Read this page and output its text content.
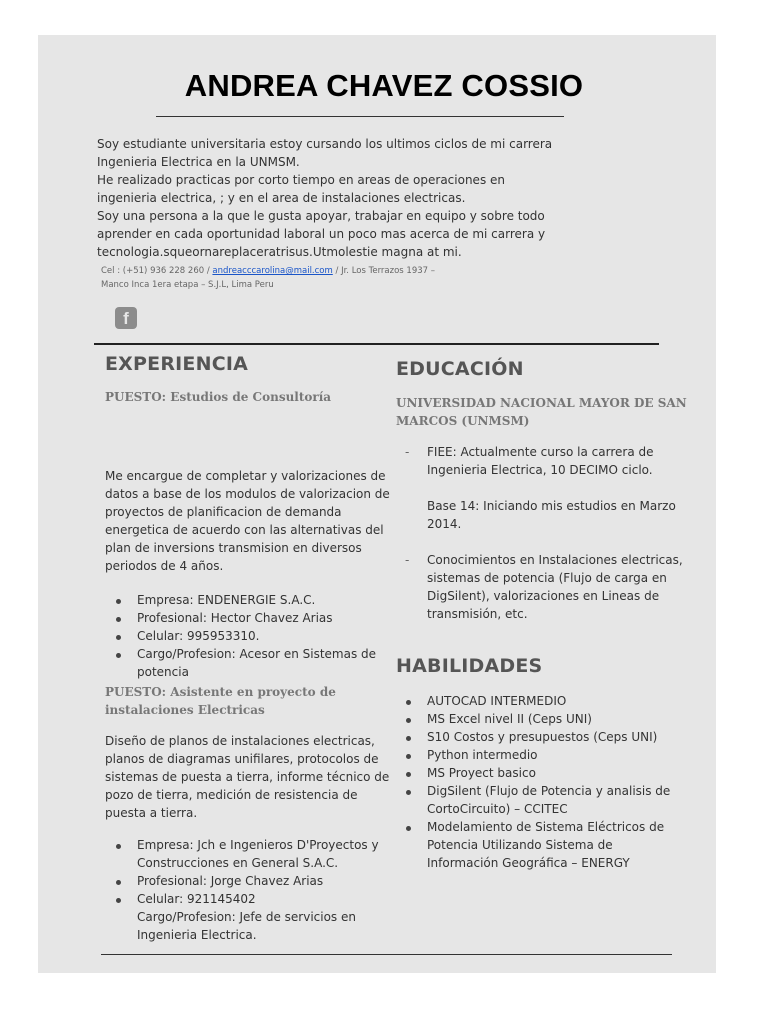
ANDREA CHAVEZ COSSIO
Soy estudiante universitaria estoy cursando los ultimos ciclos de mi carrera
Ingenieria Electrica en la UNMSM.
He realizado practicas por corto tiempo en areas de operaciones en
ingenieria electrica, ; y en el area de instalaciones electricas.
Soy una persona a la que le gusta apoyar, trabajar en equipo y sobre todo
aprender en cada oportunidad laboral un poco mas acerca de mi carrera y
tecnologia.squeornareplaceratrisus.Utmolestie magna at mi.
Cel : (+51) 936 228 260 / andreacccarolina@mail.com / Jr. Los Terrazos 1937 –
Manco Inca 1era etapa – S.J.L, Lima Peru
f
EXPERIENCIA
PUESTO: Estudios de Consultoría
Me encargue de completar y valorizaciones de
datos a base de los modulos de valorizacion de
proyectos de planificacion de demanda
energetica de acuerdo con las alternativas del
plan de inversions transmision en diversos
periodos de 4 años.
Empresa: ENDENERGIE S.A.C.
Profesional: Hector Chavez Arias
Celular: 995953310.
Cargo/Profesion: Acesor en Sistemas de
potencia
PUESTO: Asistente en proyecto de
instalaciones Electricas
Diseño de planos de instalaciones electricas,
planos de diagramas unifilares, protocolos de
sistemas de puesta a tierra, informe técnico de
pozo de tierra, medición de resistencia de
puesta a tierra.
Empresa: Jch e Ingenieros D'Proyectos y
Construcciones en General S.A.C.
Profesional: Jorge Chavez Arias
Celular: 921145402
Cargo/Profesion: Jefe de servicios en
Ingenieria Electrica.
EDUCACIÓN
UNIVERSIDAD NACIONAL MAYOR DE SAN
MARCOS (UNMSM)
- FIEE: Actualmente curso la carrera de
Ingenieria Electrica, 10 DECIMO ciclo.
Base 14: Iniciando mis estudios en Marzo
2014.
- Conocimientos en Instalaciones electricas,
sistemas de potencia (Flujo de carga en
DigSilent), valorizaciones en Lineas de
transmisión, etc.
HABILIDADES
AUTOCAD INTERMEDIO
MS Excel nivel II (Ceps UNI)
S10 Costos y presupuestos (Ceps UNI)
Python intermedio
MS Proyect basico
DigSilent (Flujo de Potencia y analisis de
CortoCircuito) – CCITEC
Modelamiento de Sistema Eléctricos de
Potencia Utilizando Sistema de
Información Geográfica – ENERGY
